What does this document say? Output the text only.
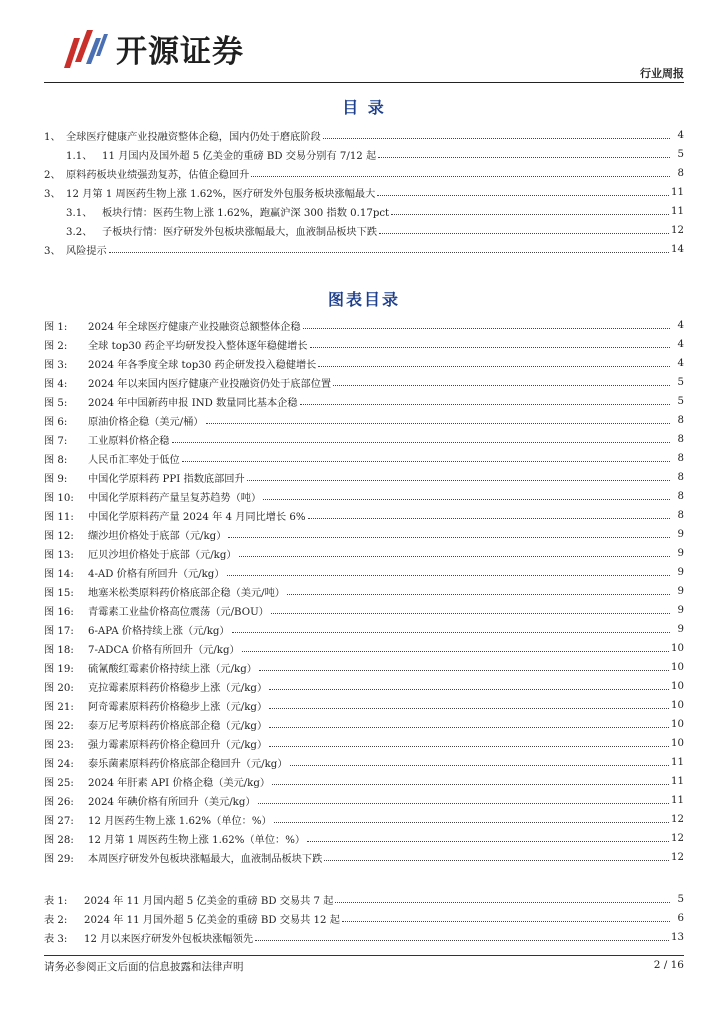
开源证券
行业周报
目 录
1、 全球医疗健康产业投融资整体企稳，国内仍处于磨底阶段	4
1.1、 11 月国内及国外超 5 亿美金的重磅 BD 交易分别有 7/12 起	5
2、 原料药板块业绩强劲复苏，估值企稳回升	8
3、 12 月第 1 周医药生物上涨 1.62%，医疗研发外包服务板块涨幅最大	11
3.1、 板块行情：医药生物上涨 1.62%，跑赢沪深 300 指数 0.17pct	11
3.2、 子板块行情：医疗研发外包板块涨幅最大，血液制品板块下跌	12
3、 风险提示	14
图表目录
图 1:	2024 年全球医疗健康产业投融资总额整体企稳	4
图 2:	全球 top30 药企平均研发投入整体逐年稳健增长	4
图 3:	2024 年各季度全球 top30 药企研发投入稳健增长	4
图 4:	2024 年以来国内医疗健康产业投融资仍处于底部位置	5
图 5:	2024 年中国新药申报 IND 数量同比基本企稳	5
图 6:	原油价格企稳（美元/桶）	8
图 7:	工业原料价格企稳	8
图 8:	人民币汇率处于低位	8
图 9:	中国化学原料药 PPI 指数底部回升	8
图 10:	中国化学原料药产量呈复苏趋势（吨）	8
图 11:	中国化学原料药产量 2024 年 4 月同比增长 6%	8
图 12:	缬沙坦价格处于底部（元/kg）	9
图 13:	厄贝沙坦价格处于底部（元/kg）	9
图 14:	4-AD 价格有所回升（元/kg）	9
图 15:	地塞米松类原料药价格底部企稳（美元/吨）	9
图 16:	青霉素工业盐价格高位震荡（元/BOU）	9
图 17:	6-APA 价格持续上涨（元/kg）	9
图 18:	7-ADCA 价格有所回升（元/kg）	10
图 19:	硫氰酸红霉素价格持续上涨（元/kg）	10
图 20:	克拉霉素原料药价格稳步上涨（元/kg）	10
图 21:	阿奇霉素原料药价格稳步上涨（元/kg）	10
图 22:	泰万尼考原料药价格底部企稳（元/kg）	10
图 23:	强力霉素原料药价格企稳回升（元/kg）	10
图 24:	泰乐菌素原料药价格底部企稳回升（元/kg）	11
图 25:	2024 年肝素 API 价格企稳（美元/kg）	11
图 26:	2024 年碘价格有所回升（美元/kg）	11
图 27:	12 月医药生物上涨 1.62%（单位：%）	12
图 28:	12 月第 1 周医药生物上涨 1.62%（单位：%）	12
图 29:	本周医疗研发外包板块涨幅最大，血液制品板块下跌	12
表 1:	2024 年 11 月国内超 5 亿美金的重磅 BD 交易共 7 起	5
表 2:	2024 年 11 月国外超 5 亿美金的重磅 BD 交易共 12 起	6
表 3:	12 月以来医疗研发外包板块涨幅领先	13
请务必参阅正文后面的信息披露和法律声明	2 / 16
